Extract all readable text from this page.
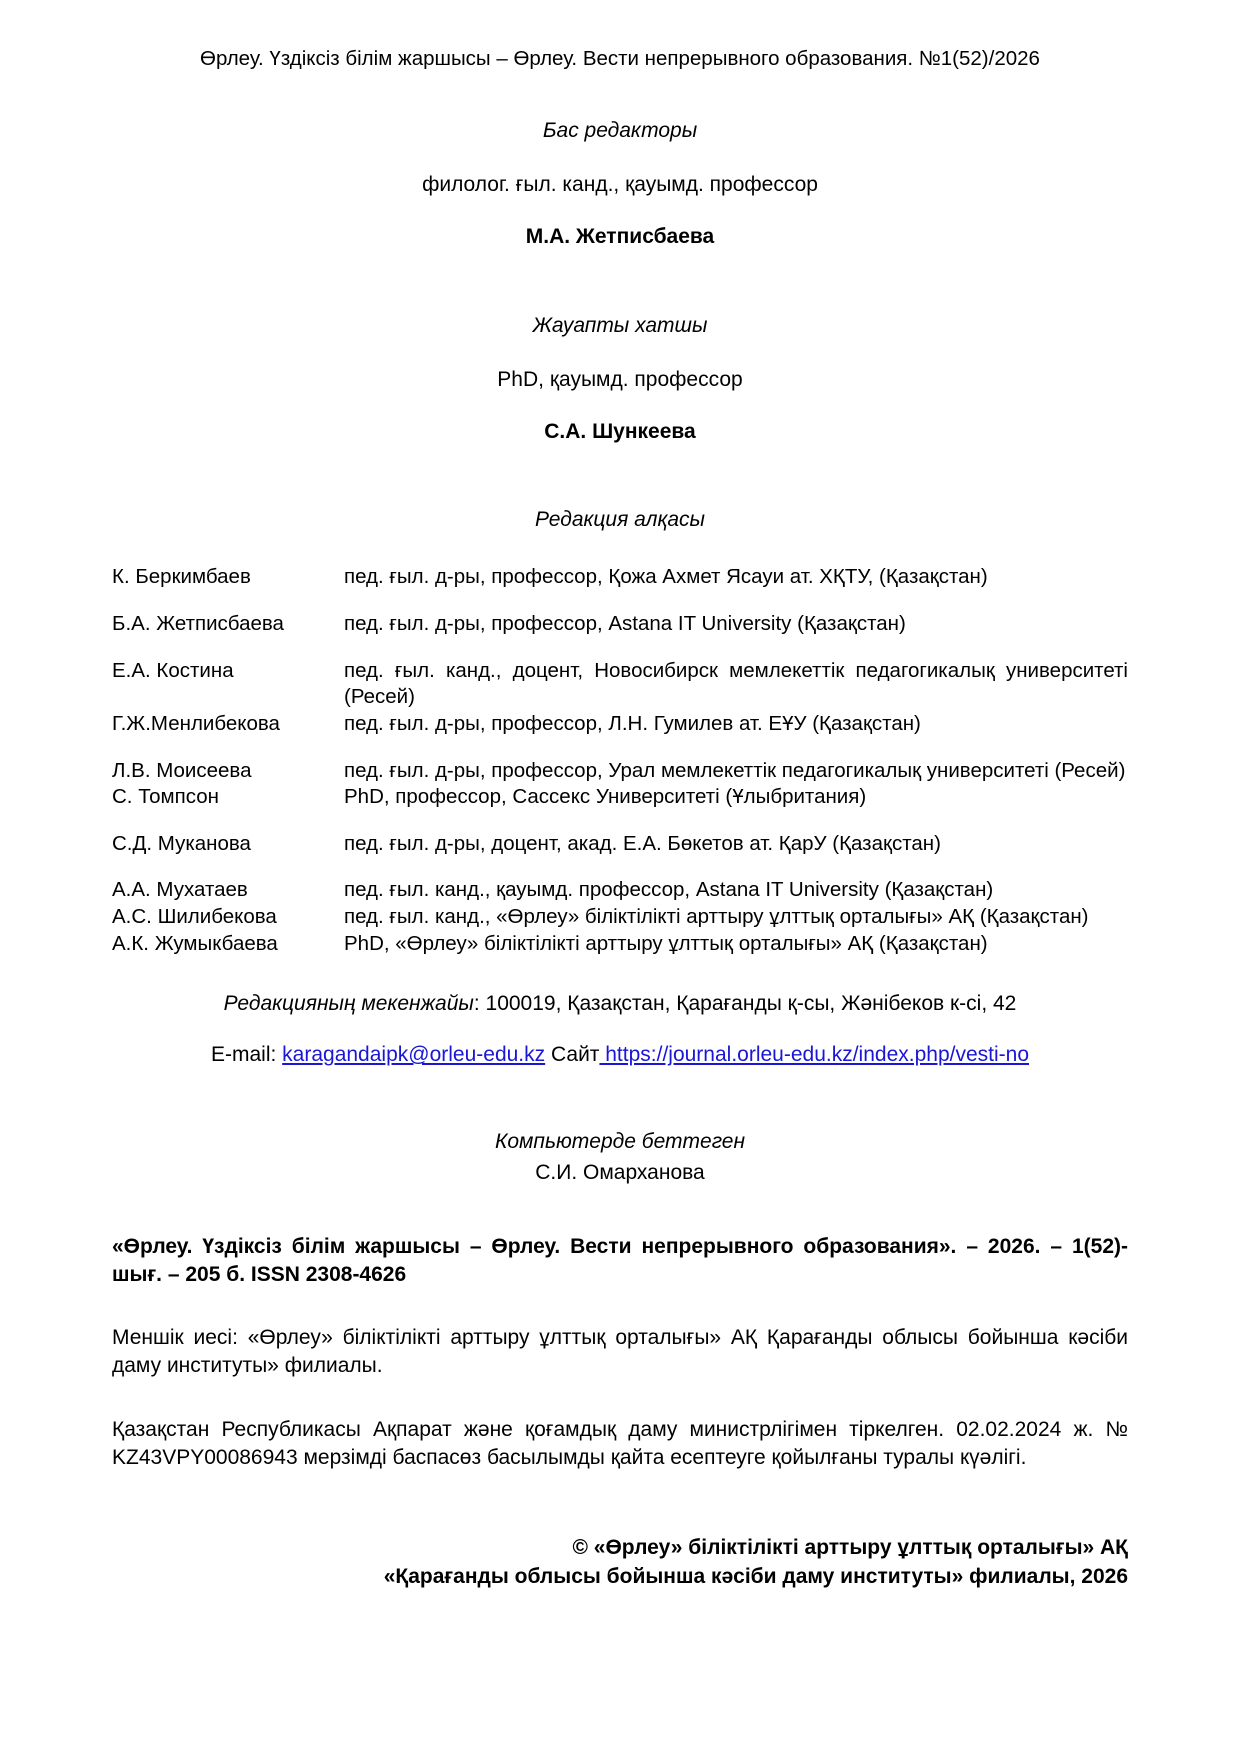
Өрлеу. Үздіксіз білім жаршысы – Өрлеу. Вести непрерывного образования. №1(52)/2026
Бас редакторы
филолог. ғыл. канд., қауымд. профессор
М.А. Жетписбаева
Жауапты хатшы
PhD, қауымд. профессор
С.А. Шункеева
Редакция алқасы
К. Беркимбаев	пед. ғыл. д-ры, профессор, Қожа Ахмет Ясауи ат. ХҚТУ, (Қазақстан)
Б.А. Жетписбаева	пед. ғыл. д-ры, профессор, Astana IT University (Қазақстан)
Е.А. Костина	пед. ғыл. канд., доцент, Новосибирск мемлекеттік педагогикалық университеті (Ресей)
Г.Ж.Менлибекова	пед. ғыл. д-ры, профессор, Л.Н. Гумилев ат. ЕҰУ (Қазақстан)
Л.В. Моисеева	пед. ғыл. д-ры, профессор, Урал мемлекеттік педагогикалық университеті (Ресей)
С. Томпсон	PhD, профессор, Сассекс Университеті (Ұлыбритания)
С.Д. Муканова	пед. ғыл. д-ры, доцент, акад. Е.А. Бөкетов ат. ҚарУ (Қазақстан)
А.А. Мухатаев	пед. ғыл. канд., қауымд. профессор, Astana IT University (Қазақстан)
А.С. Шилибекова	пед. ғыл. канд., «Өрлеу» біліктілікті арттыру ұлттық орталығы» АҚ (Қазақстан)
А.К. Жумыкбаева	PhD, «Өрлеу» біліктілікті арттыру ұлттық орталығы» АҚ (Қазақстан)
Редакцияның мекенжайы: 100019, Қазақстан, Қарағанды қ-сы, Жәнібеков к-сі, 42
E-mail: karagandaipk@orleu-edu.kz Сайт https://journal.orleu-edu.kz/index.php/vesti-no
Компьютерде беттеген
С.И. Омарханова
«Өрлеу. Үздіксіз білім жаршысы – Өрлеу. Вести непрерывного образования». – 2026. – 1(52)-шығ. – 205 б. ISSN 2308-4626
Меншік иесі: «Өрлеу» біліктілікті арттыру ұлттық орталығы» АҚ Қарағанды облысы бойынша кәсіби даму институты» филиалы.
Қазақстан Республикасы Ақпарат және қоғамдық даму министрлігімен тіркелген. 02.02.2024 ж. № KZ43VPY00086943 мерзімді баспасөз басылымды қайта есептеуге қойылғаны туралы күәлігі.
© «Өрлеу» біліктілікті арттыру ұлттық орталығы» АҚ
«Қарағанды облысы бойынша кәсіби даму институты» филиалы, 2026
